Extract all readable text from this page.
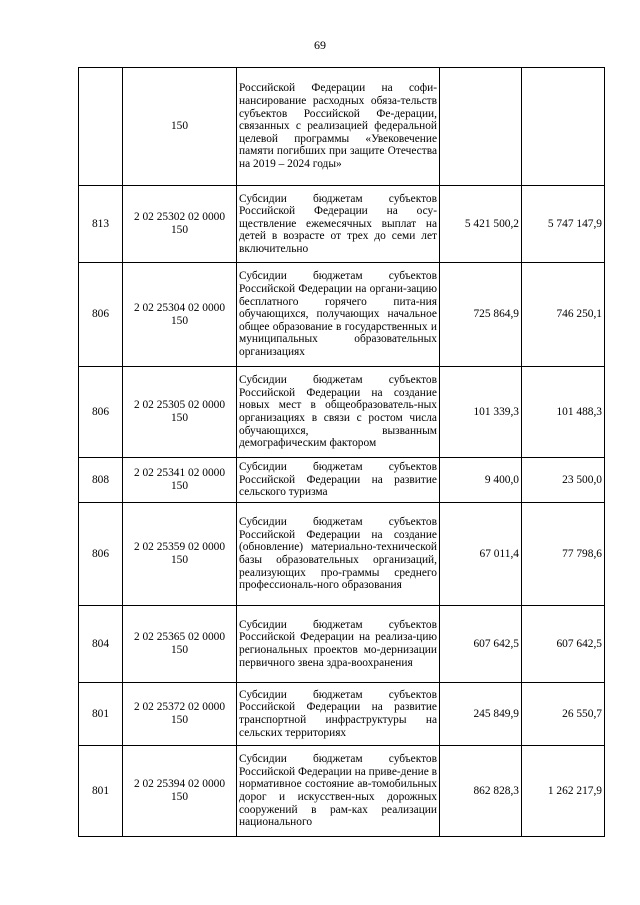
69
	150	Российской Федерации на софи-нансирование расходных обяза-тельств субъектов Российской Фе-дерации, связанных с реализацией федеральной целевой программы «Увековечение памяти погибших при защите Отечества на 2019 – 2024 годы»		
813	2 02 25302 02 0000 150	Субсидии бюджетам субъектов Российской Федерации на осу-ществление ежемесячных выплат на детей в возрасте от трех до семи лет включительно	5 421 500,2	5 747 147,9
806	2 02 25304 02 0000 150	Субсидии бюджетам субъектов Российской Федерации на органи-зацию бесплатного горячего пита-ния обучающихся, получающих начальное общее образование в государственных и муниципальных образовательных организациях	725 864,9	746 250,1
806	2 02 25305 02 0000 150	Субсидии бюджетам субъектов Российской Федерации на создание новых мест в общеобразователь-ных организациях в связи с ростом числа обучающихся, вызванным демографическим фактором	101 339,3	101 488,3
808	2 02 25341 02 0000 150	Субсидии бюджетам субъектов Российской Федерации на развитие сельского туризма	9 400,0	23 500,0
806	2 02 25359 02 0000 150	Субсидии бюджетам субъектов Российской Федерации на создание (обновление) материально-технической базы образовательных организаций, реализующих про-граммы среднего профессиональ-ного образования	67 011,4	77 798,6
804	2 02 25365 02 0000 150	Субсидии бюджетам субъектов Российской Федерации на реализа-цию региональных проектов мо-дернизации первичного звена здра-воохранения	607 642,5	607 642,5
801	2 02 25372 02 0000 150	Субсидии бюджетам субъектов Российской Федерации на развитие транспортной инфраструктуры на сельских территориях	245 849,9	26 550,7
801	2 02 25394 02 0000 150	Субсидии бюджетам субъектов Российской Федерации на приве-дение в нормативное состояние ав-томобильных дорог и искусствен-ных дорожных сооружений в рам-ках реализации национального	862 828,3	1 262 217,9
